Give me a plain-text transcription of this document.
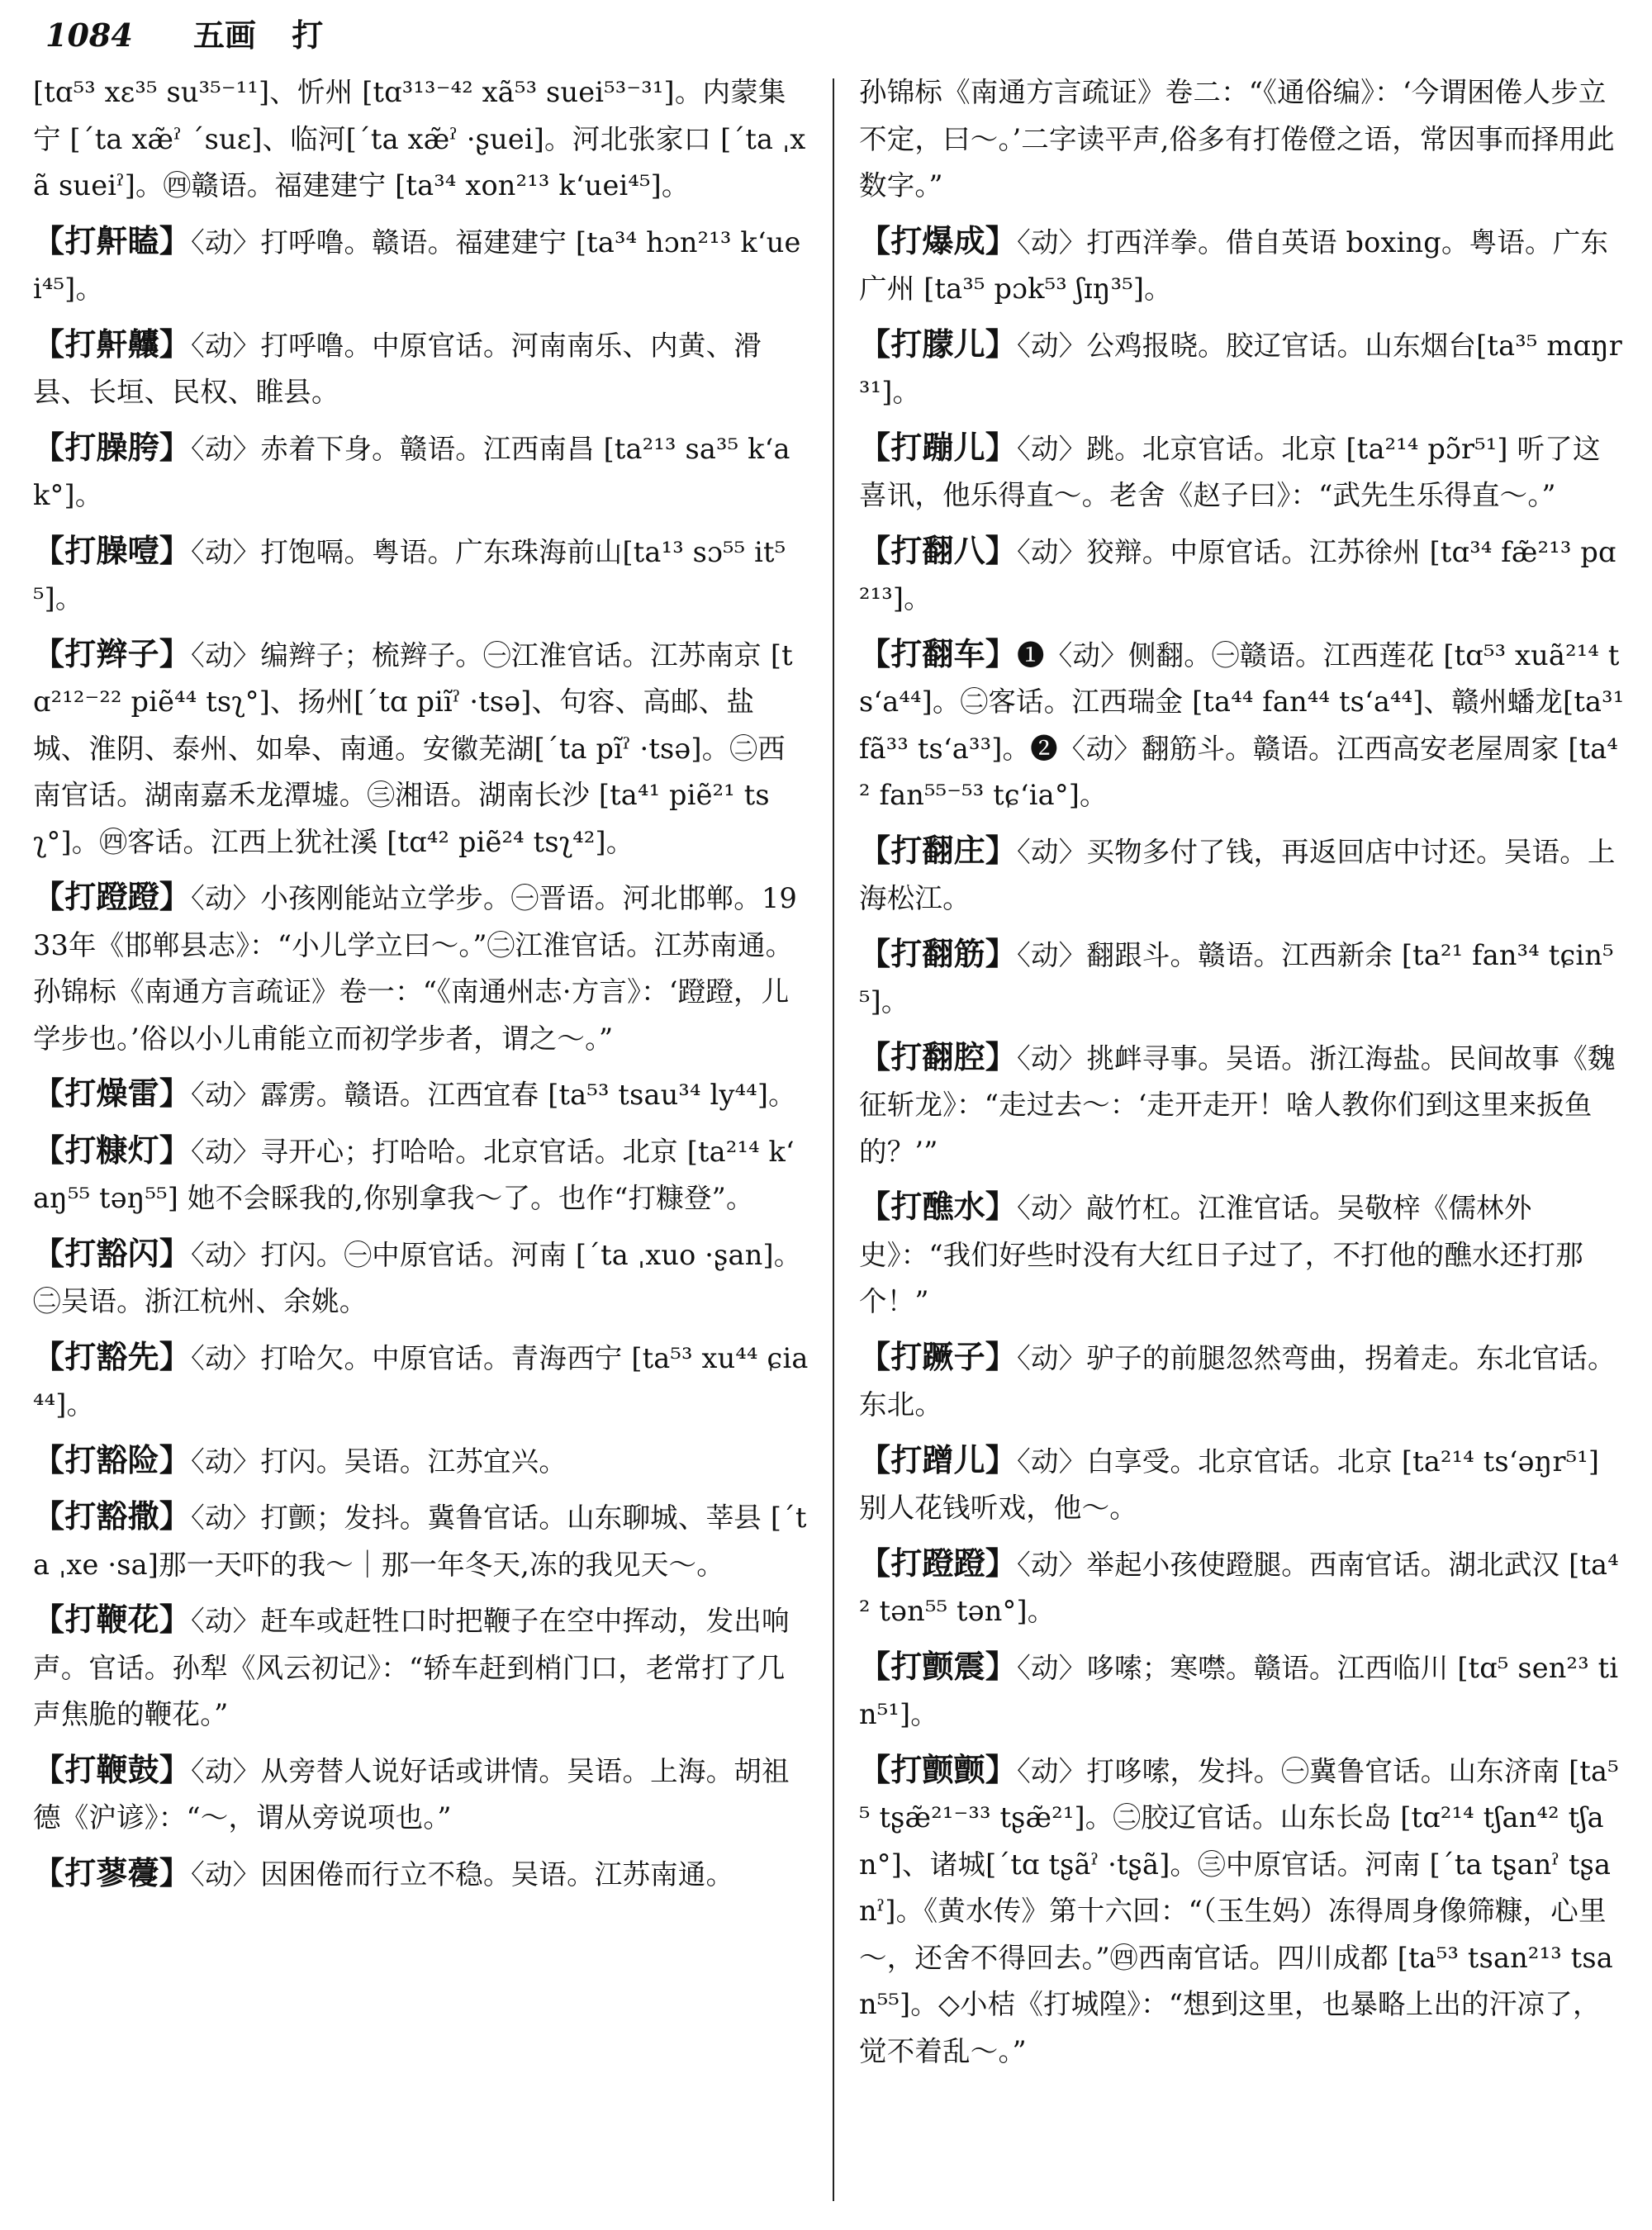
1084 五画 打

[tɑ⁵³ xɛ³⁵ su³⁵⁻¹¹]、忻州 [tɑ³¹³⁻⁴² xã⁵³ suei⁵³⁻³¹]。内蒙集宁 [ˊta xæ̃ˀ ˊsuɛ]、临河[ˊta xæ̃ˀ ·ʂuei]。河北张家口 [ˊta ˌxã sueiˀ]。㊃赣语。福建建宁 [ta³⁴ xon²¹³ kʻuei⁴⁵]。

【打鼾瞌】〈动〉打呼噜。赣语。福建建宁 [ta³⁴ hɔn²¹³ kʻuei⁴⁵]。

【打鼾齉】〈动〉打呼噜。中原官话。河南南乐、内黄、滑县、长垣、民权、睢县。

【打臊胯】〈动〉赤着下身。赣语。江西南昌 [ta²¹³ sa³⁵ kʻak°]。

【打臊噎】〈动〉打饱嗝。粤语。广东珠海前山[ta¹³ sɔ⁵⁵ it⁵⁵]。

【打辫子】〈动〉编辫子；梳辫子。㊀江淮官话。江苏南京 [tɑ²¹²⁻²² piẽ⁴⁴ tsʅ°]、扬州[ˊtɑ piĩˀ ·tsə]、句容、高邮、盐城、淮阴、泰州、如皋、南通。安徽芜湖[ˊta pĩˀ ·tsə]。㊁西南官话。湖南嘉禾龙潭墟。㊂湘语。湖南长沙 [ta⁴¹ piẽ²¹ tsʅ°]。㊃客话。江西上犹社溪 [tɑ⁴² piẽ²⁴ tsʅ⁴²]。

【打蹬蹬】〈动〉小孩刚能站立学步。㊀晋语。河北邯郸。1933年《邯郸县志》：“小儿学立曰～。”㊁江淮官话。江苏南通。孙锦标《南通方言疏证》卷一：“《南通州志·方言》：‘蹬蹬，儿学步也。’俗以小儿甫能立而初学步者，谓之～。”

【打燥雷】〈动〉霹雳。赣语。江西宜春 [ta⁵³ tsau³⁴ ly⁴⁴]。

【打糠灯】〈动〉寻开心；打哈哈。北京官话。北京 [ta²¹⁴ kʻaŋ⁵⁵ təŋ⁵⁵] 她不会睬我的,你别拿我～了。也作“打糠登”。

【打豁闪】〈动〉打闪。㊀中原官话。河南 [ˊta ˌxuo ·ʂan]。㊁吴语。浙江杭州、余姚。

【打豁先】〈动〉打哈欠。中原官话。青海西宁 [ta⁵³ xu⁴⁴ ɕia⁴⁴]。

【打豁险】〈动〉打闪。吴语。江苏宜兴。

【打豁撒】〈动〉打颤；发抖。冀鲁官话。山东聊城、莘县 [ˊta ˌxe ·sa]那一天吓的我～｜那一年冬天,冻的我见天～。

【打鞭花】〈动〉赶车或赶牲口时把鞭子在空中挥动，发出响声。官话。孙犁《风云初记》：“轿车赶到梢门口，老常打了几声焦脆的鞭花。”

【打鞭鼓】〈动〉从旁替人说好话或讲情。吴语。上海。胡祖德《沪谚》：“～，谓从旁说项也。”

【打蓼蘉】〈动〉因困倦而行立不稳。吴语。江苏南通。

孙锦标《南通方言疏证》卷二：“《通俗编》：‘今谓困倦人步立不定，曰～。’二字读平声,俗多有打倦僜之语，常因事而择用此数字。”

【打爆成】〈动〉打西洋拳。借自英语 boxing。粤语。广东广州 [ta³⁵ pɔk⁵³ ʃɪŋ³⁵]。

【打朦儿】〈动〉公鸡报晓。胶辽官话。山东烟台[ta³⁵ mɑŋr³¹]。

【打蹦儿】〈动〉跳。北京官话。北京 [ta²¹⁴ pɔ̃r⁵¹] 听了这喜讯，他乐得直～。老舍《赵子曰》：“武先生乐得直～。”

【打翻八】〈动〉狡辩。中原官话。江苏徐州 [tɑ³⁴ fæ̃²¹³ pɑ²¹³]。

【打翻车】❶〈动〉侧翻。㊀赣语。江西莲花 [tɑ⁵³ xuã²¹⁴ tsʻa⁴⁴]。㊁客话。江西瑞金 [ta⁴⁴ fan⁴⁴ tsʻa⁴⁴]、赣州蟠龙[ta³¹ fã³³ tsʻa³³]。❷〈动〉翻筋斗。赣语。江西高安老屋周家 [ta⁴² fan⁵⁵⁻⁵³ tɕʻia°]。

【打翻庄】〈动〉买物多付了钱，再返回店中讨还。吴语。上海松江。

【打翻筋】〈动〉翻跟斗。赣语。江西新余 [ta²¹ fan³⁴ tɕin⁵⁵]。

【打翻腔】〈动〉挑衅寻事。吴语。浙江海盐。民间故事《魏征斩龙》：“走过去～：‘走开走开！啥人教你们到这里来扳鱼的？’”

【打醮水】〈动〉敲竹杠。江淮官话。吴敬梓《儒林外史》：“我们好些时没有大红日子过了，不打他的醮水还打那个！”

【打蹶子】〈动〉驴子的前腿忽然弯曲，拐着走。东北官话。东北。

【打蹭儿】〈动〉白享受。北京官话。北京 [ta²¹⁴ tsʻəŋr⁵¹] 别人花钱听戏，他～。

【打蹬蹬】〈动〉举起小孩使蹬腿。西南官话。湖北武汉 [ta⁴² tən⁵⁵ tən°]。

【打颤震】〈动〉哆嗦；寒噤。赣语。江西临川 [tɑ⁵ sen²³ tin⁵¹]。

【打颤颤】〈动〉打哆嗦，发抖。㊀冀鲁官话。山东济南 [ta⁵⁵ tʂæ̃²¹⁻³³ tʂæ̃²¹]。㊁胶辽官话。山东长岛 [tɑ²¹⁴ tʃan⁴² tʃan°]、诸城[ˊtɑ tʂãˀ ·tʂã]。㊂中原官话。河南 [ˊta tʂanˀ tʂanˀ]。《黄水传》第十六回：“（玉生妈）冻得周身像筛糠，心里～，还舍不得回去。”㊃西南官话。四川成都 [ta⁵³ tsan²¹³ tsan⁵⁵]。◇小桔《打城隍》：“想到这里，也暴略上出的汗凉了，觉不着乱～。”
